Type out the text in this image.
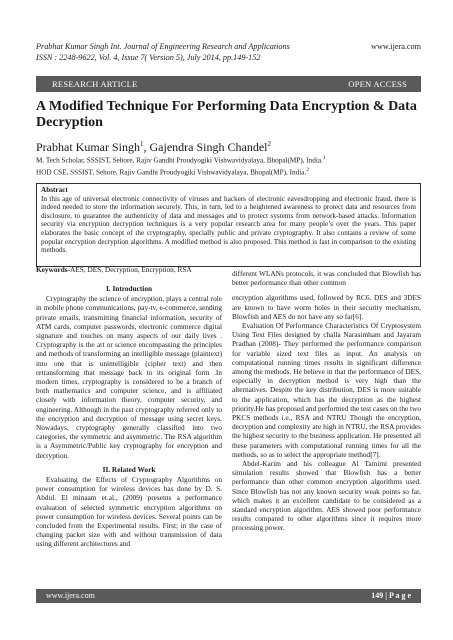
Prabhat Kumar Singh Int. Journal of Engineering Research and Applications
ISSN : 2248-9622, Vol. 4, Issue 7( Version 5), July 2014, pp.149-152
www.ijera.com
RESEARCH ARTICLE	OPEN ACCESS
A Modified Technique For Performing Data Encryption & Data Decryption
Prabhat Kumar Singh$^1$, Gajendra Singh Chandel$^2$
M. Tech Scholar, SSSIST, Sehore, Rajiv Gandhi Proudyogiki Vishwavidyalaya, Bhopal(MP), India.$^1$
HOD CSE, SSSIST, Sehore, Rajiv Gandhi Proudyogiki Vishwavidyalaya, Bhopal(MP), India.$^2$
Abstract
In this age of universal electronic connectivity of viruses and hackers of electronic eavesdropping and electronic fraud, there is indeed needed to store the information securely. This, in turn, led to a heightened awareness to protect data and resources from disclosure, to guarantee the authenticity of data and messages and to protect systems from network-based attacks. Information security via encryption decryption techniques is a very popular research area for many people’s over the years. This paper elaborates the basic concept of the cryptography, specially public and private cryptography. It also contains a review of some popular encryption decryption algorithms. A modified method is also proposed. This method is fast in comparison to the existing methods.
Keywords-AES, DES, Decryption, Encryption, RSA
I. Introduction

Cryptography the science of encryption, plays a central role in mobile phone communications, pay-tv, e-commerce, sending private emails, transmitting financial information, security of ATM cards, computer passwords, electronic commerce digital signature and touches on many aspects of our daily lives . Cryptography is the art or science encompassing the principles and methods of transforming an intelligible message (plaintext) into one that is unintelligible (cipher text) and then retransforming that message back to its original form .In modern times, cryptography is considered to be a branch of both mathematics and computer science, and is affiliated closely with information theory, computer security, and engineering. Although in the past cryptography referred only to the encryption and decryption of message using secret keys. Nowadays, cryptography generally classified into two categories, the symmetric and asymmetric. The RSA algorithm is a Asymmetric/Public key cryptography for encryption and decryption.

II. Related Work

Evaluating the Effects of Cryptography Algorithms on power consumption for wireless devices has done by D. S. Abdul. El minaam et.al., (2009) presents a performance evaluation of selected symmetric encryption algorithms on power consumption for wireless devices. Several points can be concluded from the Experimental results. First; in the case of changing packet size with and without transmission of data using different architectures and

different WLANs protocols, it was concluded that Blowfish has better performance than other common

encryption algorithms used, followed by RC6. DES and 3DES are known to have worm holes in their security mechanism, Blowfish and AES do not have any so far[6].

Evaluation Of Performance Characteristics Of Cryptosystem Using Text Files designed by challa Narasimham and Jayaram Pradhan (2008)- They performed the performance comparison for variable sized text files as input. An analysis on computational running times results in significant difference among the methods. He believe in that the performance of DES, especially in decryption method is very high than the alternatives. Despite the key distribution, DES is more suitable to the application, which has the decryption as the highest priority.He has proposed and performed the test cases on the two PKCS methods i.e., RSA and NTRU Though the encryption, decryption and complexity are high in NTRU, the RSA provides the highest security to the business application. He presented all these parameters with computational running times for all the methods, so as to select the appropriate method[7].

Abdel-Karim and his colleague Al Tamimi presented simulation results showed that Blowfish has a better performance than other common encryption algorithms used. Since Blowfish has not any known security weak points so far, which makes it an excellent candidate to be considered as a standard encryption algorithm. AES showed poor performance results compared to other algorithms since it requires more processing power.

www.ijera.com	149 | P a g e
